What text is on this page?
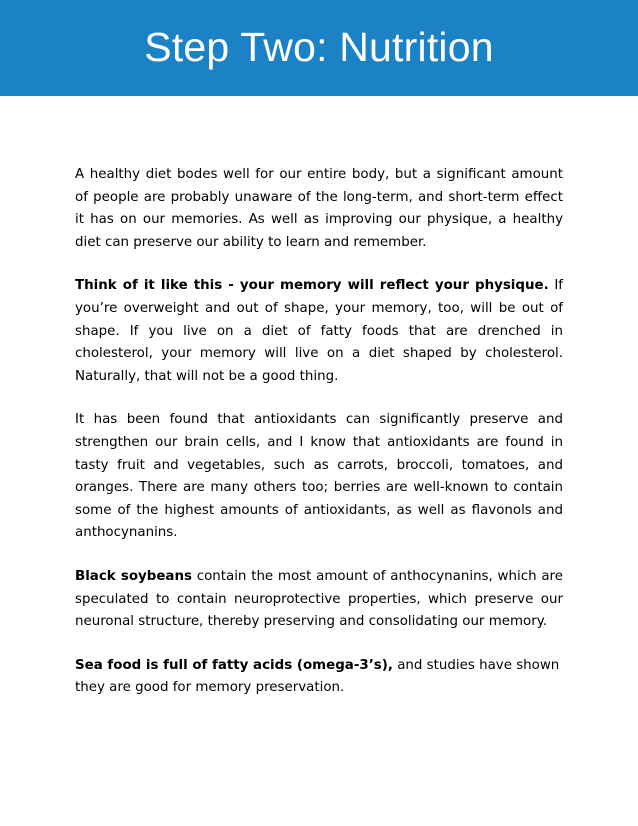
Step Two: Nutrition

A healthy diet bodes well for our entire body, but a significant amount of people are probably unaware of the long-term, and short-term effect it has on our memories. As well as improving our physique, a healthy diet can preserve our ability to learn and remember.

Think of it like this - your memory will reflect your physique. If you’re overweight and out of shape, your memory, too, will be out of shape. If you live on a diet of fatty foods that are drenched in cholesterol, your memory will live on a diet shaped by cholesterol. Naturally, that will not be a good thing.

It has been found that antioxidants can significantly preserve and strengthen our brain cells, and I know that antioxidants are found in tasty fruit and vegetables, such as carrots, broccoli, tomatoes, and oranges. There are many others too; berries are well-known to contain some of the highest amounts of antioxidants, as well as flavonols and anthocynanins.

Black soybeans contain the most amount of anthocynanins, which are speculated to contain neuroprotective properties, which preserve our neuronal structure, thereby preserving and consolidating our memory.

Sea food is full of fatty acids (omega-3’s), and studies have shown they are good for memory preservation.
